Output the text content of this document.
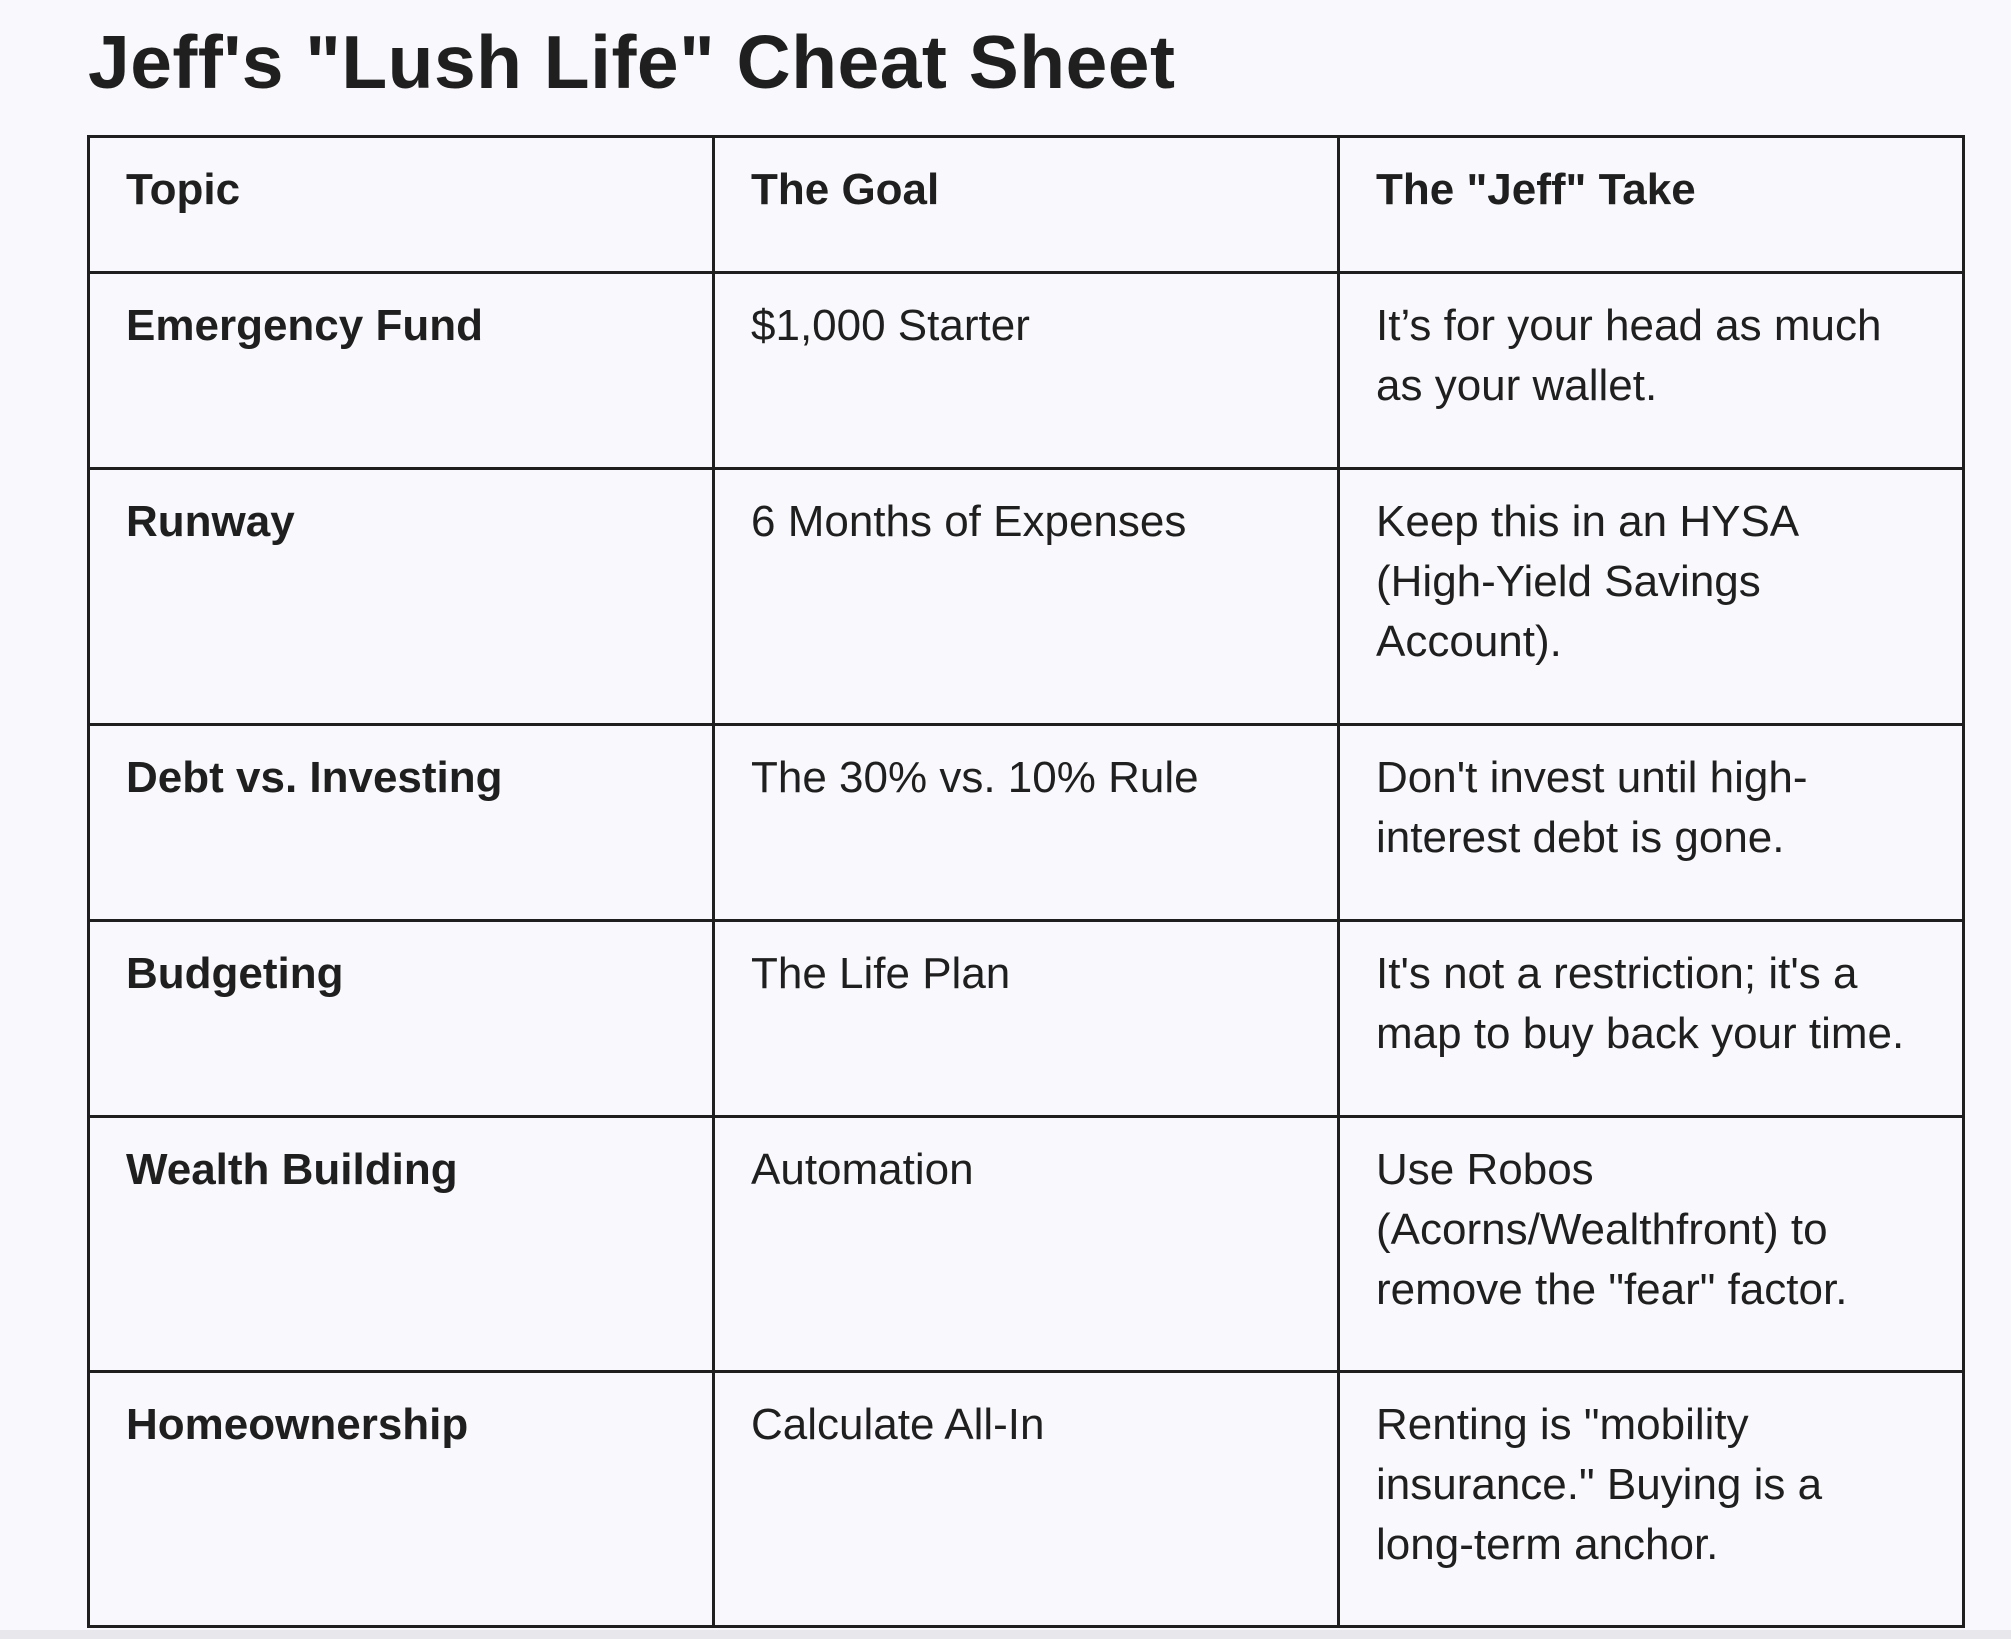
Jeff's "Lush Life" Cheat Sheet
Topic	The Goal	The "Jeff" Take
Emergency Fund	$1,000 Starter	It’s for your head as much as your wallet.
Runway	6 Months of Expenses	Keep this in an HYSA (High-Yield Savings Account).
Debt vs. Investing	The 30% vs. 10% Rule	Don't invest until high-interest debt is gone.
Budgeting	The Life Plan	It's not a restriction; it's a map to buy back your time.
Wealth Building	Automation	Use Robos (Acorns/Wealthfront) to remove the "fear" factor.
Homeownership	Calculate All-In	Renting is "mobility insurance." Buying is a long-term anchor.
